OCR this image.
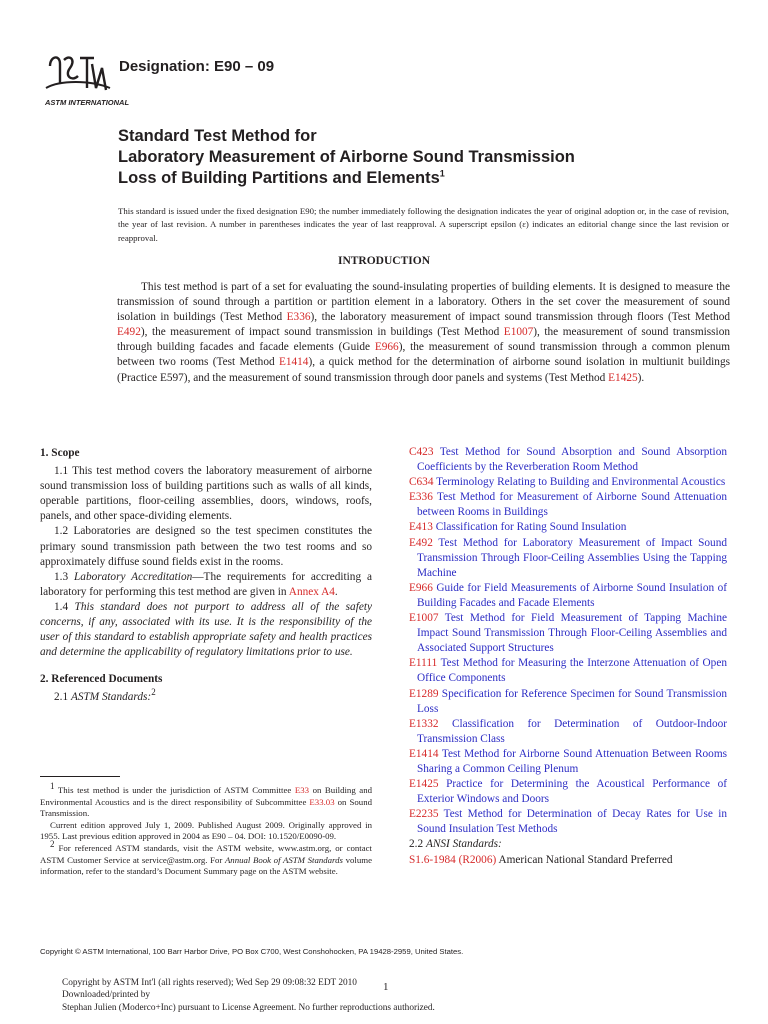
ASTM INTERNATIONAL
Designation: E90 – 09
Standard Test Method for
Laboratory Measurement of Airborne Sound Transmission
Loss of Building Partitions and Elements$^1$
This standard is issued under the fixed designation E90; the number immediately following the designation indicates the year of original adoption or, in the case of revision, the year of last revision. A number in parentheses indicates the year of last reapproval. A superscript epsilon (ε) indicates an editorial change since the last revision or reapproval.
INTRODUCTION

This test method is part of a set for evaluating the sound-insulating properties of building elements. It is designed to measure the transmission of sound through a partition or partition element in a laboratory. Others in the set cover the measurement of sound isolation in buildings (Test Method E336), the laboratory measurement of impact sound transmission through floors (Test Method E492), the measurement of impact sound transmission in buildings (Test Method E1007), the measurement of sound transmission through building facades and facade elements (Guide E966), the measurement of sound transmission through a common plenum between two rooms (Test Method E1414), a quick method for the determination of airborne sound isolation in multiunit buildings (Practice E597), and the measurement of sound transmission through door panels and systems (Test Method E1425).

1. Scope

1.1 This test method covers the laboratory measurement of airborne sound transmission loss of building partitions such as walls of all kinds, operable partitions, floor-ceiling assemblies, doors, windows, roofs, panels, and other space-dividing elements.

1.2 Laboratories are designed so the test specimen constitutes the primary sound transmission path between the two test rooms and so approximately diffuse sound fields exist in the rooms.

1.3 Laboratory Accreditation—The requirements for accrediting a laboratory for performing this test method are given in Annex A4.

1.4 This standard does not purport to address all of the safety concerns, if any, associated with its use. It is the responsibility of the user of this standard to establish appropriate safety and health practices and determine the applicability of regulatory limitations prior to use.

2. Referenced Documents

2.1 ASTM Standards:$^2$

$^1$ This test method is under the jurisdiction of ASTM Committee E33 on Building and Environmental Acoustics and is the direct responsibility of Subcommittee E33.03 on Sound Transmission.

Current edition approved July 1, 2009. Published August 2009. Originally approved in 1955. Last previous edition approved in 2004 as E90 – 04. DOI: 10.1520/E0090-09.

$^2$ For referenced ASTM standards, visit the ASTM website, www.astm.org, or contact ASTM Customer Service at service@astm.org. For Annual Book of ASTM Standards volume information, refer to the standard’s Document Summary page on the ASTM website.

C423 Test Method for Sound Absorption and Sound Absorption Coefficients by the Reverberation Room Method

C634 Terminology Relating to Building and Environmental Acoustics

E336 Test Method for Measurement of Airborne Sound Attenuation between Rooms in Buildings

E413 Classification for Rating Sound Insulation

E492 Test Method for Laboratory Measurement of Impact Sound Transmission Through Floor-Ceiling Assemblies Using the Tapping Machine

E966 Guide for Field Measurements of Airborne Sound Insulation of Building Facades and Facade Elements

E1007 Test Method for Field Measurement of Tapping Machine Impact Sound Transmission Through Floor-Ceiling Assemblies and Associated Support Structures

E1111 Test Method for Measuring the Interzone Attenuation of Open Office Components

E1289 Specification for Reference Specimen for Sound Transmission Loss

E1332 Classification for Determination of Outdoor-Indoor Transmission Class

E1414 Test Method for Airborne Sound Attenuation Between Rooms Sharing a Common Ceiling Plenum

E1425 Practice for Determining the Acoustical Performance of Exterior Windows and Doors

E2235 Test Method for Determination of Decay Rates for Use in Sound Insulation Test Methods

2.2 ANSI Standards:

S1.6-1984 (R2006) American National Standard Preferred

Copyright © ASTM International, 100 Barr Harbor Drive, PO Box C700, West Conshohocken, PA 19428-2959, United States.
Copyright by ASTM Int'l (all rights reserved); Wed Sep 29 09:08:32 EDT 2010
Downloaded/printed by
Stephan Julien (Moderco+Inc) pursuant to License Agreement. No further reproductions authorized.
1
